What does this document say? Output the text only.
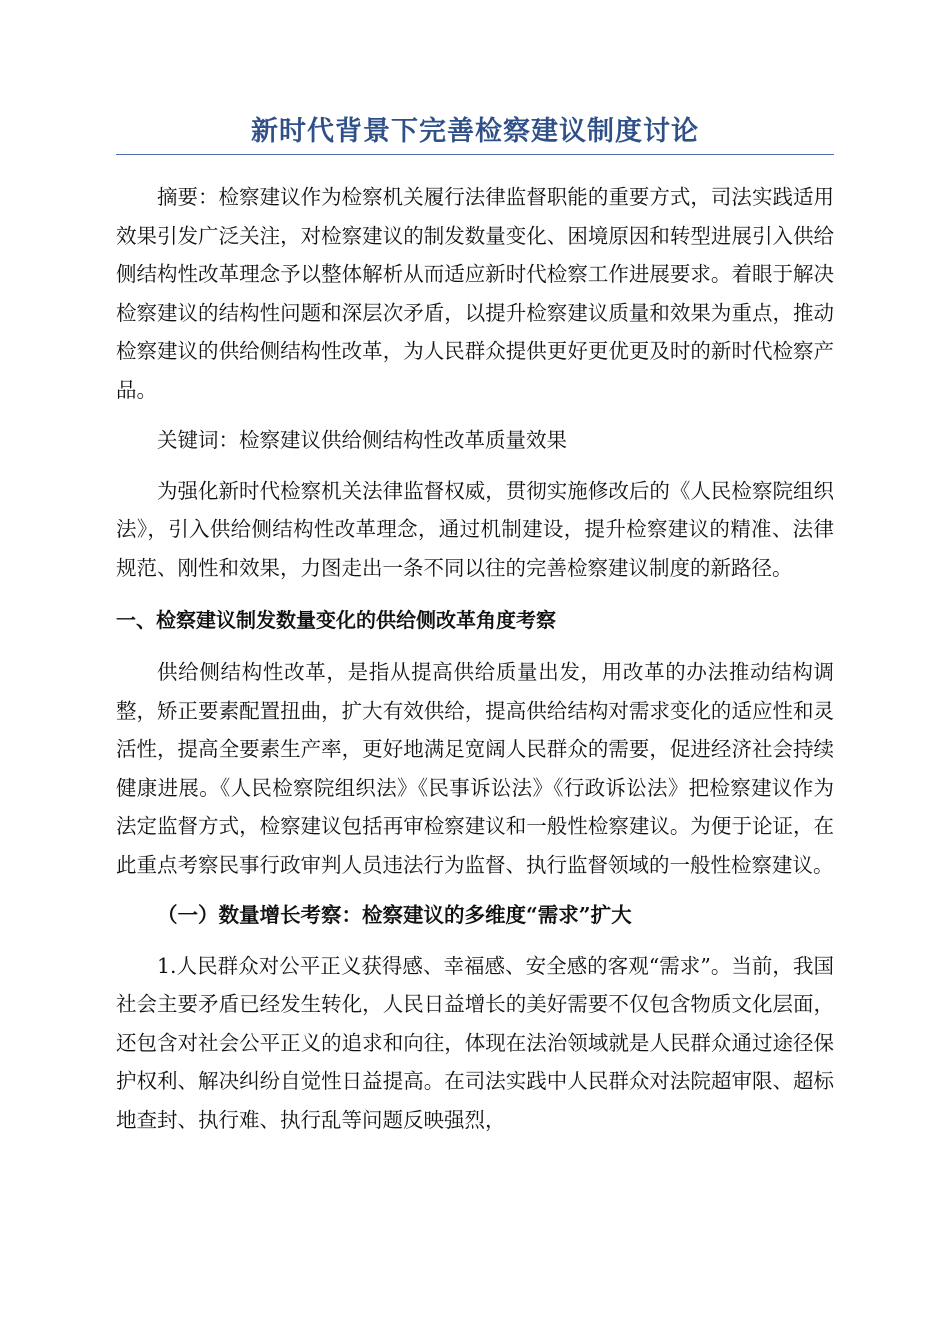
新时代背景下完善检察建议制度讨论

摘要：检察建议作为检察机关履行法律监督职能的重要方式，司法实践适用效果引发广泛关注，对检察建议的制发数量变化、困境原因和转型进展引入供给侧结构性改革理念予以整体解析从而适应新时代检察工作进展要求。着眼于解决检察建议的结构性问题和深层次矛盾，以提升检察建议质量和效果为重点，推动检察建议的供给侧结构性改革，为人民群众提供更好更优更及时的新时代检察产品。

关键词：检察建议供给侧结构性改革质量效果

为强化新时代检察机关法律监督权威，贯彻实施修改后的《人民检察院组织法》，引入供给侧结构性改革理念，通过机制建设，提升检察建议的精准、法律规范、刚性和效果，力图走出一条不同以往的完善检察建议制度的新路径。

一、检察建议制发数量变化的供给侧改革角度考察

供给侧结构性改革，是指从提高供给质量出发，用改革的办法推动结构调整，矫正要素配置扭曲，扩大有效供给，提高供给结构对需求变化的适应性和灵活性，提高全要素生产率，更好地满足宽阔人民群众的需要，促进经济社会持续健康进展。《人民检察院组织法》《民事诉讼法》《行政诉讼法》把检察建议作为法定监督方式，检察建议包括再审检察建议和一般性检察建议。为便于论证，在此重点考察民事行政审判人员违法行为监督、执行监督领域的一般性检察建议。

（一）数量增长考察：检察建议的多维度“需求”扩大

1.人民群众对公平正义获得感、幸福感、安全感的客观“需求”。当前，我国社会主要矛盾已经发生转化，人民日益增长的美好需要不仅包含物质文化层面，还包含对社会公平正义的追求和向往，体现在法治领域就是人民群众通过途径保护权利、解决纠纷自觉性日益提高。在司法实践中人民群众对法院超审限、超标地查封、执行难、执行乱等问题反映强烈，
